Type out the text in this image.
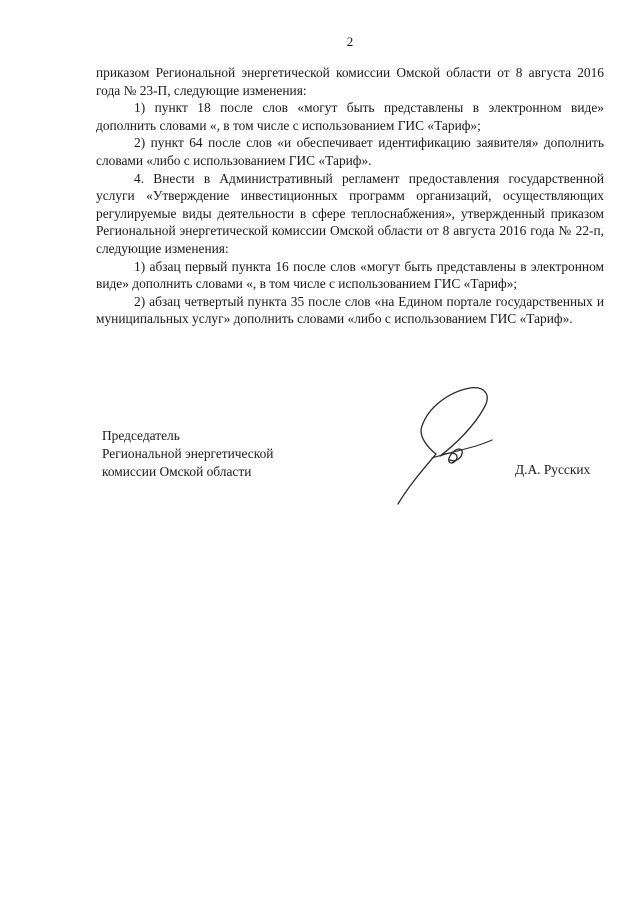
2

приказом Региональной энергетической комиссии Омской области от 8 августа 2016 года № 23-П, следующие изменения:

1) пункт 18 после слов «могут быть представлены в электронном виде» дополнить словами «, в том числе с использованием ГИС «Тариф»;

2) пункт 64 после слов «и обеспечивает идентификацию заявителя» дополнить словами «либо с использованием ГИС «Тариф».

4. Внести в Административный регламент предоставления государственной услуги «Утверждение инвестиционных программ организаций, осуществляющих регулируемые виды деятельности в сфере теплоснабжения», утвержденный приказом Региональной энергетической комиссии Омской области от 8 августа 2016 года № 22-п, следующие изменения:

1) абзац первый пункта 16 после слов «могут быть представлены в электронном виде» дополнить словами «, в том числе с использованием ГИС «Тариф»;

2) абзац четвертый пункта 35 после слов «на Едином портале государственных и муниципальных услуг» дополнить словами «либо с использованием ГИС «Тариф».

Председатель
Региональной энергетической
комиссии Омской области	Д.А. Русских
